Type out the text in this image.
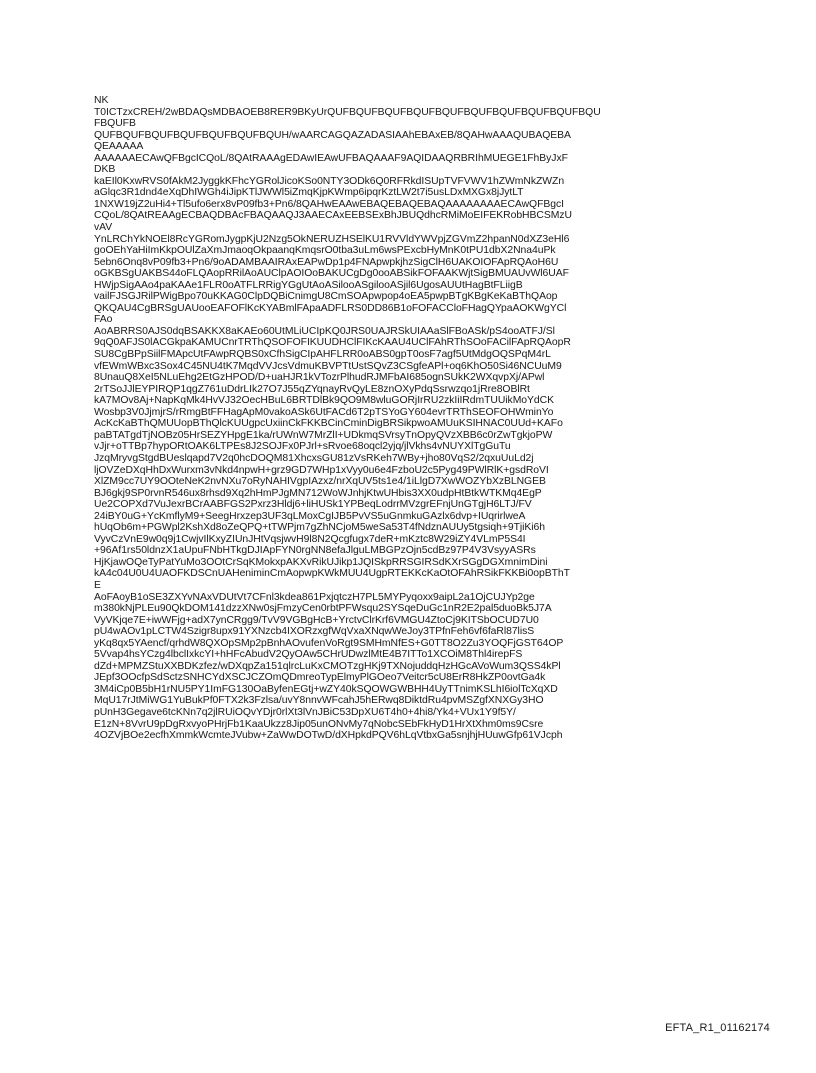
NK
T0ICTzxCREH/2wBDAQsMDBAOEB8RER9BKyUrQUFBQUFBQUFBQUFBQUFBQUFBQUFBQUFBQUFBQU
FBQUFB
QUFBQUFBQUFBQUFBQUFBQUFBQUH/wAARCAGQAZADASIAAhEBAxEB/8QAHwAAAQUBAQEBA
QEAAAAA
AAAAAAECAwQFBgcICQoL/8QAtRAAAgEDAwIEAwUFBAQAAAF9AQIDAAQRBRIhMUEGE1FhByJxF
DKB
kaEIl0KxwRVS0fAkM2JyggkKFhcYGRolJicoKSo0NTY3ODk6Q0RFRkdISUpTVFVWV1hZWmNkZWZn
aGlqc3R1dnd4eXqDhIWGh4iJipKTlJWWl5iZmqKjpKWmp6ipqrKztLW2t7i5usLDxMXGx8jJytLT
1NXW19jZ2uHi4+Tl5ufo6erx8vP09fb3+Pn6/8QAHwEAAwEBAQEBAQEBAQAAAAAAAAECAwQFBgcI
CQoL/8QAtREAAgECBAQDBAcFBAQAAQJ3AAECAxEEBSExBhJBUQdhcRMiMoEIFEKRobHBCSMzU
vAV
YnLRChYkNOEl8RcYGRomJygpKjU2Nzg5OkNERUZHSElKU1RVVldYWVpjZGVmZ2hpanN0dXZ3eHl6
goOEhYaHiImKkpOUlZaXmJmaoqOkpaanqKmqsrO0tba3uLm6wsPExcbHyMnK0tPU1dbX2Nna4uPk
5ebn6Onq8vP09fb3+Pn6/9oADAMBAAIRAxEAPwDp1p4FNApwpkjhzSigClH6UAKOIOFApRQAoH6U
oGKBSgUAKBS44oFLQAopRRilAoAUClpAOIOoBAKUCgDg0ooABSikFOFAAKWjtSigBMUAUvWl6UAF
HWjpSigAAo4paKAAe1FLR0oATFLRRigYGgUtAoASilooASgilooASjil6UgosAUUtHagBtFLiigB
vailFJSGJRilPWigBpo70uKKAG0ClpDQBiCnimgU8CmSOApwpop4oEA5pwpBTgKBgKeKaBThQAop
QKQAU4CgBRSgUAUooEAFOFlKcKYABmlFApaADFLRS0DD86B1oFOFACCloFHagQYpaAOKWgYCl
FAo
AoABRRS0AJS0dqBSAKKX8aKAEo60UtMLiUCIpKQ0JRS0UAJRSkUIAAaSlFBoASk/pS4ooATFJ/Sl
9qQ0AFJS0lACGkpaKAMUCnrTRThQSOFOFIKUUDHClFIKcKAAU4UClFAhRThSOoFACilFApRQAopR
SU8CgBPpSiilFMApcUtFAwpRQBS0xCfhSigCIpAHFLRR0oABS0gpT0osF7agf5UtMdgOQSPqM4rL
vfEWmWBxc3Sox4C45NU4tK7MqdVVJcsVdmuKBVPTtUstSQvZ3CSgfeAPl+oq6KhO50Si46NCUuM9
8UnauQ8XeI5NLuEhg2EtGzHPOD/D+uaHJR1kVTozrPlhudRJMFbAI685ognSUkK2WXqvpXj/APwl
2rTSoJJlEYPIRQP1qgZ761uDdrLIk27O7J55qZYqnayRvQyLE8znOXyPdqSsrwzqo1jRre8OBlRt
kA7MOv8Aj+NapKqMk4HvVJ32OecHBuL6BRTDlBk9QO9M8wluGORjIrRU2zkIiIRdmTUUikMoYdCK
Wosbp3V0JjmjrS/rRmgBtFFHagApM0vakoASk6UtFACd6T2pTSYoGY604evrTRThSEOFOHWminYo
AcKcKaBThQMUUopBThQlcKUUgpcUxiinCkFKKBCinCminDigBRSikpwoAMUuKSIHNAC0UUd+KAFo
paBTATgdTjNOBz05HrSEZYHpgE1ka/rUWnW7MrZlI+UDkmqSVrsyTnOpyQVzXBB6c0rZwTgkjoPW
vJjr+oTTBp7hypORtOAK6LTPEs8J2SOJFx0PJrl+sRvoe68oqcl2yjq/jlVkhs4vNUYXlTgGuTu
JzqMryvgStgdBUeslqapd7V2q0hcDOQM81XhcxsGU81zVsRKeh7WBy+jho80VqS2/2qxuUuLd2j
ljOVZeDXqHhDxWurxm3vNkd4npwH+grz9GD7WHp1xVyy0u6e4FzboU2c5Pyg49PWlRlK+gsdRoVI
XlZM9cc7UY9OOteNeK2nvNXu7oRyNAHIVgpIAzxz/nrXqUV5ts1e4/1iLlgD7XwWOZYbXzBLNGEB
BJ6gkj9SP0rvnR546ux8rhsd9Xq2hHmPJgMN712WoWJnhjKtwUHbis3XX0udpHtBtkWTKMq4EgP
Ue2COPXd7VuJexrBCrAABFGS2Pxrz3Hldj6+liHUSk1YPBeqLodrrMVzgrEFnjUnGTgjH6LTJ/FV
24iBY0uG+YcKmflyM9+SeegHrxzep3UF3qLMoxCgIJB5PvVS5uGnmkuGAzlx6dvp+IUqrirlweA
hUqOb6m+PGWpl2KshXd8oZeQPQ+tTWPjm7gZhNCjoM5weSa53T4fNdznAUUy5tgsiqh+9TjiKi6h
VyvCzVnE9w0q9j1CwjvIlKxyZIUnJHtVqsjwvH9l8N2Qcgfugx7deR+mKztc8W29iZY4VLmP5S4I
+96Af1rs50ldnzX1aUpuFNbHTkgDJIApFYN0rgNN8efaJlguLMBGPzOjn5cdBz97P4V3VsyyASRs
HjKjawOQeTyPatYuMo3OOtCrSqKMokxpAKXvRikUJikp1JQISkpRRSGIRSdKXrSGgDGXmnimDini
kA4c04U0U4UAOFKDSCnUAHeniminCmAopwpKWkMUU4UgpRTEKKcKaOtOFAhRSikFKKBi0opBThT
E
AoFAoyB1oSE3ZXYvNAxVDUtVt7CFnl3kdea861PxjqtczH7PL5MYPyqoxx9aipL2a1OjCUJYp2ge
m380kNjPLEu90QkDOM141dzzXNw0sjFmzyCen0rbtPFWsqu2SYSqeDuGc1nR2E2pal5duoBk5J7A
VyVKjqe7E+iwWFjg+adX7ynCRgg9/TvV9VGBgHcB+YrctvClrKrf6VMGU4ZtoCj9KITSbOCUD7U0
pU4wAOv1pLCTW4Szigr8upx91YXNzcb4IXORzxgfWqVxaXNqwWeJoy3TPfnFeh6vf6faRl87lisS
yKq8qx5YAencf/qrhdW8QXOpSMp2pBnhAOvufenVoRgt9SMHmNfES+G0TT8O2Zu3YOQFjGST64OP
5Vvap4hsYCzg4lbclIxkcYI+hHFcAbudV2QyOAw5CHrUDwzlMtE4B7ITTo1XCOiM8Thl4irepFS
dZd+MPMZStuXXBDKzfez/wDXqpZa151qlrcLuKxCMOTzgHKj9TXNojuddqHzHGcAVoWum3QSS4kPl
JEpf3OOcfpSdSctzSNHCYdXSCJCZOmQDmreoTypElmyPlGOeo7Veitcr5cU8ErR8HkZP0ovtGa4k
3M4iCp0B5bH1rNU5PY1ImFG130OaByfenEGtj+wZY40kSQOWGWBHH4UyTTnimKSLhI6iolTcXqXD
MqU17rJtMiWG1YuBukPf0FTX2k3Fzlsa/uvY8nnvWFcahJ5hERwq8DiktdRu4pvMSZgfXNXGy3HO
pUnH3Gegave6tcKNn7q2jlRUiOQvYDjr0rlXt3lVnJBiC53DpXU6T4h0+4hi8/Yk4+VUx1Y9f5Y/
E1zN+8VvrU9pDgRxvyoPHrjFb1KaaUkzz8Jip05unONvMy7qNobcSEbFkHyD1HrXtXhm0ms9Csre
4OZVjBOe2ecfhXmmkWcmteJVubw+ZaWwDOTwD/dXHpkdPQV6hLqVtbxGa5snjhjHUuwGfp61VJcph
EFTA_R1_01162174
